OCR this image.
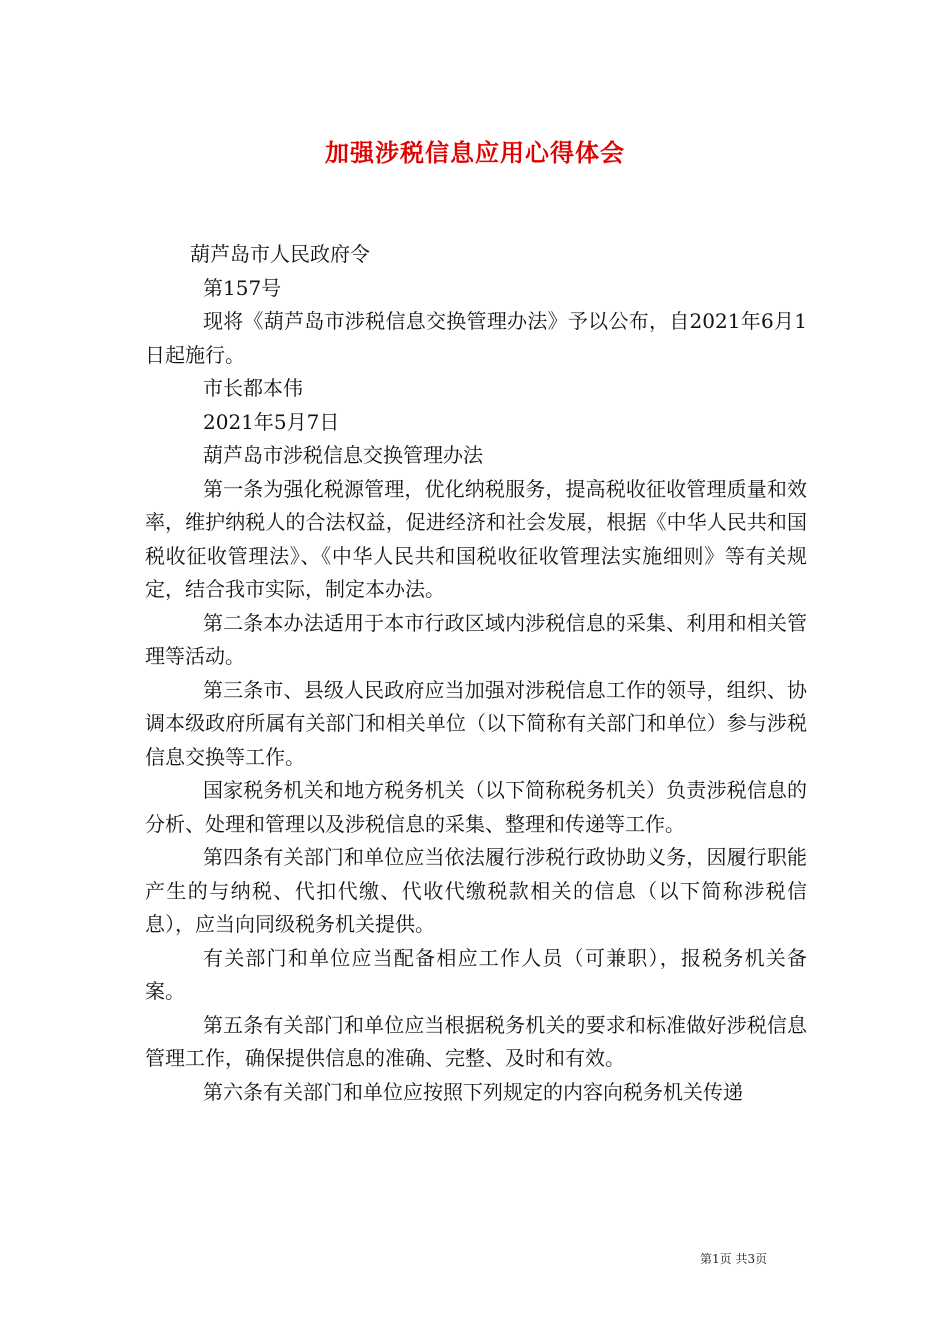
加强涉税信息应用心得体会

葫芦岛市人民政府令

第157号

现将《葫芦岛市涉税信息交换管理办法》予以公布，自2021年6月1日起施行。

市长都本伟

2021年5月7日

葫芦岛市涉税信息交换管理办法

第一条为强化税源管理，优化纳税服务，提高税收征收管理质量和效率，维护纳税人的合法权益，促进经济和社会发展，根据《中华人民共和国税收征收管理法》、《中华人民共和国税收征收管理法实施细则》等有关规定，结合我市实际，制定本办法。

第二条本办法适用于本市行政区域内涉税信息的采集、利用和相关管理等活动。

第三条市、县级人民政府应当加强对涉税信息工作的领导，组织、协调本级政府所属有关部门和相关单位（以下简称有关部门和单位）参与涉税信息交换等工作。

国家税务机关和地方税务机关（以下简称税务机关）负责涉税信息的分析、处理和管理以及涉税信息的采集、整理和传递等工作。

第四条有关部门和单位应当依法履行涉税行政协助义务，因履行职能产生的与纳税、代扣代缴、代收代缴税款相关的信息（以下简称涉税信息），应当向同级税务机关提供。

有关部门和单位应当配备相应工作人员（可兼职），报税务机关备案。

第五条有关部门和单位应当根据税务机关的要求和标准做好涉税信息管理工作，确保提供信息的准确、完整、及时和有效。

第六条有关部门和单位应按照下列规定的内容向税务机关传递

第1页 共3页
